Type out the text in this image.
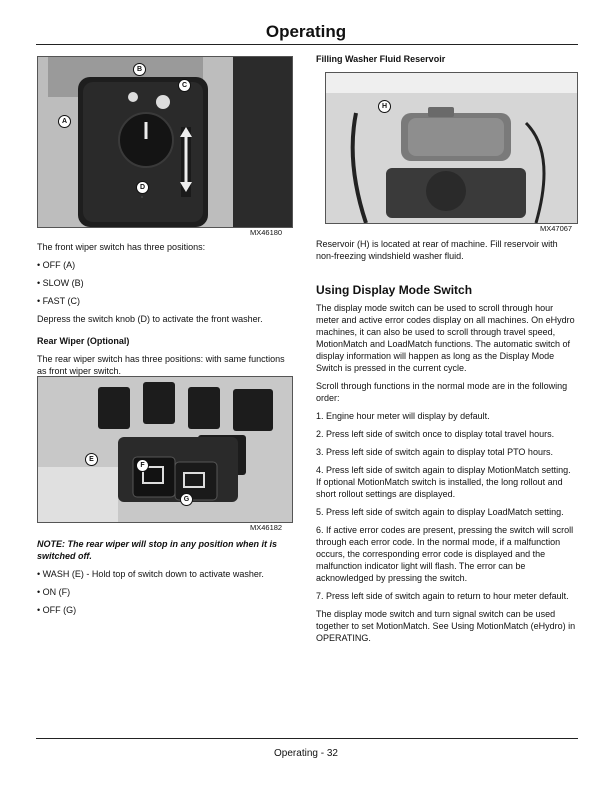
Operating
A
B
C
D
MX46180

The front wiper switch has three positions:

• OFF (A)

• SLOW (B)

• FAST (C)

Depress the switch knob (D) to activate the front washer.

Rear Wiper (Optional)

The rear wiper switch has three positions: with same functions as front wiper switch.

E
F
G
MX46182

NOTE: The rear wiper will stop in any position when it is switched off.

• WASH (E) - Hold top of switch down to activate washer.

• ON (F)

• OFF (G)

Filling Washer Fluid Reservoir

H
MX47067

Reservoir (H) is located at rear of machine. Fill reservoir with non-freezing windshield washer fluid.

Using Display Mode Switch

The display mode switch can be used to scroll through hour meter and active error codes display on all machines. On eHydro machines, it can also be used to scroll through travel speed, MotionMatch and LoadMatch functions. The automatic switch of display information will happen as long as the Display Mode Switch is pressed in the current cycle.

Scroll through functions in the normal mode are in the following order:

1. Engine hour meter will display by default.

2. Press left side of switch once to display total travel hours.

3. Press left side of switch again to display total PTO hours.

4. Press left side of switch again to display MotionMatch setting. If optional MotionMatch switch is installed, the long rollout and short rollout settings are displayed.

5. Press left side of switch again to display LoadMatch setting.

6. If active error codes are present, pressing the switch will scroll through each error code. In the normal mode, if a malfunction occurs, the corresponding error code is displayed and the malfunction indicator light will flash. The error can be acknowledged by pressing the switch.

7. Press left side of switch again to return to hour meter default.

The display mode switch and turn signal switch can be used together to set MotionMatch. See Using MotionMatch (eHydro) in OPERATING.

Operating - 32
